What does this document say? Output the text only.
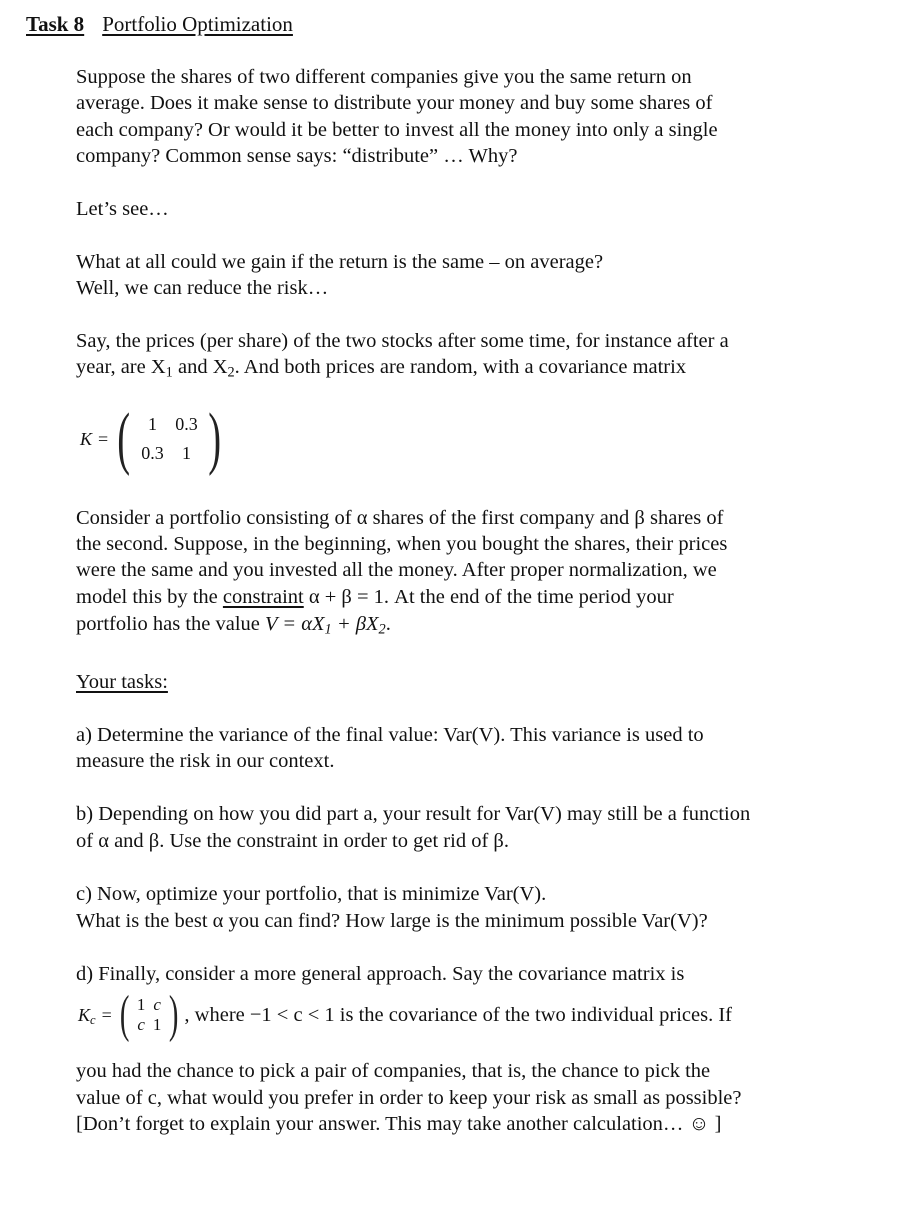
Task 8 Portfolio Optimization
Suppose the shares of two different companies give you the same return on
average. Does it make sense to distribute your money and buy some shares of
each company? Or would it be better to invest all the money into only a single
company? Common sense says: “distribute” … Why?
Let’s see…
What at all could we gain if the return is the same – on average?
Well, we can reduce the risk…
Say, the prices (per share) of the two stocks after some time, for instance after a
year, are $X_1$ and $X_2$. And both prices are random, with a covariance matrix
K = ( 1	0.3
0.3	1 )
Consider a portfolio consisting of α shares of the first company and β shares of
the second. Suppose, in the beginning, when you bought the shares, their prices
were the same and you invested all the money. After proper normalization, we
model this by the constraint α + β = 1. At the end of the time period your
portfolio has the value $V = \alpha X_1 + \beta X_2$.
Your tasks:
a) Determine the variance of the final value: Var(V). This variance is used to
measure the risk in our context.
b) Depending on how you did part a, your result for Var(V) may still be a function
of α and β. Use the constraint in order to get rid of β.
c) Now, optimize your portfolio, that is minimize Var(V).
What is the best α you can find? How large is the minimum possible Var(V)?
d) Finally, consider a more general approach. Say the covariance matrix is
$K_c$ = ( 1 c
c 1 ) , where −1 < c < 1 is the covariance of the two individual prices. If
you had the chance to pick a pair of companies, that is, the chance to pick the
value of c, what would you prefer in order to keep your risk as small as possible?
[Don’t forget to explain your answer. This may take another calculation… ☺ ]
